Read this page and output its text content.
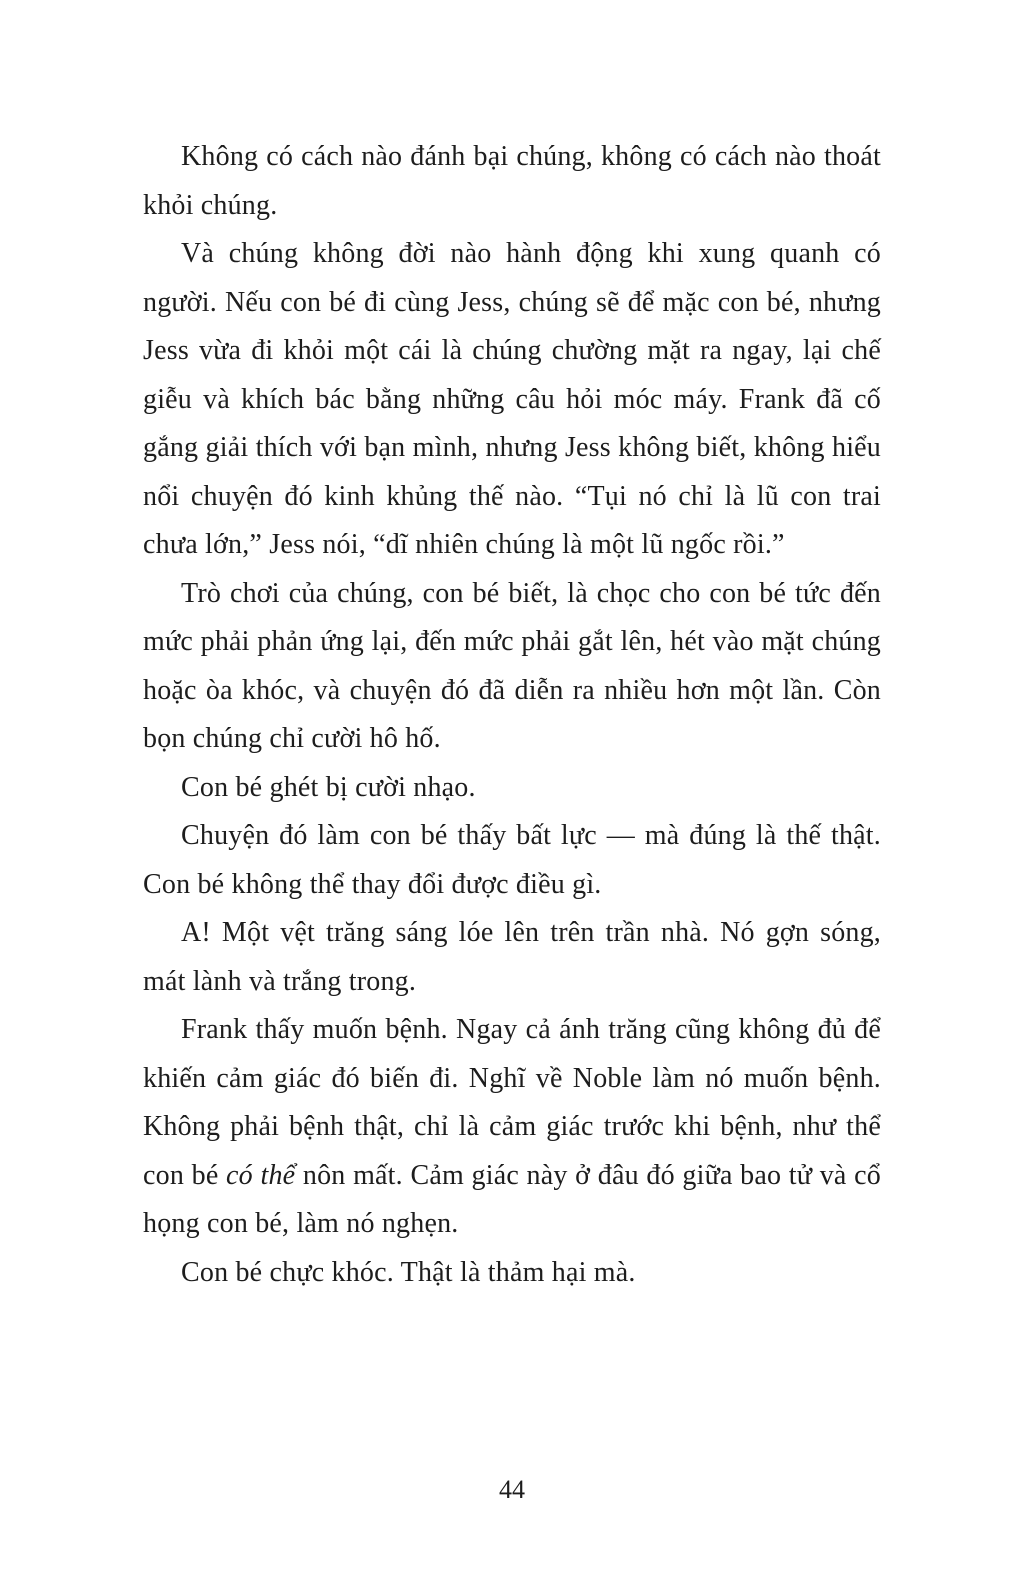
Không có cách nào đánh bại chúng, không có cách nào thoát khỏi chúng.

Và chúng không đời nào hành động khi xung quanh có người. Nếu con bé đi cùng Jess, chúng sẽ để mặc con bé, nhưng Jess vừa đi khỏi một cái là chúng chường mặt ra ngay, lại chế giễu và khích bác bằng những câu hỏi móc máy. Frank đã cố gắng giải thích với bạn mình, nhưng Jess không biết, không hiểu nổi chuyện đó kinh khủng thế nào. “Tụi nó chỉ là lũ con trai chưa lớn,” Jess nói, “dĩ nhiên chúng là một lũ ngốc rồi.”

Trò chơi của chúng, con bé biết, là chọc cho con bé tức đến mức phải phản ứng lại, đến mức phải gắt lên, hét vào mặt chúng hoặc òa khóc, và chuyện đó đã diễn ra nhiều hơn một lần. Còn bọn chúng chỉ cười hô hố.

Con bé ghét bị cười nhạo.

Chuyện đó làm con bé thấy bất lực — mà đúng là thế thật. Con bé không thể thay đổi được điều gì.

A! Một vệt trăng sáng lóe lên trên trần nhà. Nó gợn sóng, mát lành và trắng trong.

Frank thấy muốn bệnh. Ngay cả ánh trăng cũng không đủ để khiến cảm giác đó biến đi. Nghĩ về Noble làm nó muốn bệnh. Không phải bệnh thật, chỉ là cảm giác trước khi bệnh, như thể con bé có thể nôn mất. Cảm giác này ở đâu đó giữa bao tử và cổ họng con bé, làm nó nghẹn.

Con bé chực khóc. Thật là thảm hại mà.

44
